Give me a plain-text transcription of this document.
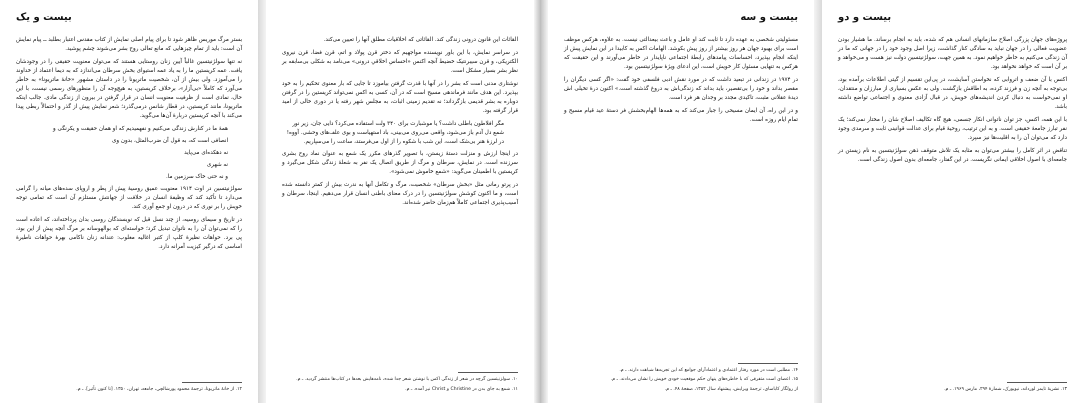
بیست و یک
بستر مرگ موریس ظاهر شود تا برای پیام اصلی نمایش از کتاب مقدس اعتبار بطلبد ــ پیام نمایش آن است: باید از تمام چیزهایی که مانع تعالی روح بشر می‌شوند چشم پوشید.
نه تنها سولژنیتسین غالباً آیین زنان روستایی هستند که می‌توان معنویت حقیقی را در وجودشان یافت. عمه کریستین ما را به یاد عمه استیوای بخش سرطان می‌اندازد که به دیما اعتماد از خداوند را می‌آموزد. ولی بیش از آن، شخصیت ماتریونا را در داستان مشهور «خانهٔ ماتریونا» به خاطر می‌آورد که کاملاً «بی‌آزار»، برخلاف کریستین، به هیچ‌وجه آن را منظورهای رسمی نیست، با این حال، نمادی است از ظرفیت معنویت انسان در قرار گرفتن در بیرون از زندگی مادی. جالب اینکه ماتریونا، مانند کریستین، در قطار شانس درمی‌گذرد؛ شعر نمایش پیش از گذر و احتمالاً ربطی پیدا می‌کند با آنچه کریستین دربارهٔ آن‌ها می‌گوید.
همهٔ ما در کنارش زندگی می‌کنیم و نفهمیدیم که او همان حقیقت و یکرنگی و
انصافی است که، به قول آن ضرب‌المثل، بدون وی
نه دهکده‌ای می‌پاید
نه شهری
و نه حتی خاک سرزمین ما.
سولژنیتسین در اوت ۱۹۱۴ معنویت عمیق روسیهٔ پیش از پطر و اروپای سده‌های میانه را گرامی می‌دارد تا تأکید کند که وظیفهٔ انسان در خلافت از جهانتش مستلزم آن است که تمامی توجه خویش را بر نوری که در درون او جمع آوری کند.
در تاریخ و سیمای روسیه، از چند نسل قبل که نویسندگان روسی بدان پرداخته‌اند، که اعاده است را که نمی‌توان آن را به ناتوان تبدیل کرد؛ خواسته‌ای که بوالهوسانه بر مرگ آنچه پیش از این بود، پی برد. حواهات نظیرهٔ کلپ از کتبر اغالیه مغلوب: عندانه زنان ناکامی بهرهٔ حواهات ناطیرهٔ اساسی که درگیر کیزیت آمرانه دارد.
۱۲. از خانهٔ ماتریونا، ترجمهٔ محمود پورشالچی، جامعه، تهران، ۱۳۵۰. [تا کنون تأثیر]. ـ م.
القائات این قانون درونی زندگی کند. القائاتی که اخلاقیات مطلق آنها را تعیین می‌کند.
در سراسر نمایش، با این باور نویسنده مواجهیم که دختر قرن پولاد و اتم، قرن فضا، قرن نیروی الکتریکی، و قرن سیبرنتیک خضیط آنچه اکنس «احساسِ اخلاقیِ درونی» می‌نامد به شکلی بی‌سابقه بر نظر بشر بسیار مشکل است.
نوشتاری مدنی است که بشر را در آنها با قدرت گرفتن بیاموزد تا جایی که بار معنوی تحکیم را به خود بپذیرد. این هدف مانند فرماندهی مسیح است که در آن، کسی به اکس نمی‌تواند کریستین را در گرفتن دوباره به بشر قدیمی بازگرداند؛ نه تقدیم زمینی اثبات، به مجلس شهر رفته یا در دوری خالی از امید قرار گرفته بود.
مگر افلاطون باطلی داشت؟ یا موشبارت برای ۳۴۰ ولت استفاده می‌کرد؟ دایی جان، زیر نور شمع دل آدم باز می‌شود، واقعی می‌روی می‌بینی، باد استهیاست و بوی علف‌های وحشی. آووه! در لرزهٔ هنر بی‌شک است، این شب با شکوه را از اول می‌فرستد، ساعت را می‌سپاریم.
در اینجا ارزش و منزلت دستهٔ زیستن، با تصویر گذرهای مکرر یک شمع به عنوان نماد روح بشری سرزنده است. در نمایش، سرطان و مرگ از طریق اتصال یک نفر به شعلهٔ زندگی شکل می‌گیرد و کریستین با اطمینان می‌گوید: «شمع خاموش نمی‌شود».
در پرتو رمانی مثل «بخش سرطان» شخصیت، مرگ و تکامل آنها به ندرت بیش از کمتر دانسته شده است، و ما اکنون کوشش سولژنیتسین را در درک معنای باطنی انسان قرار می‌دهیم. اینجا، سرطان و آسیب‌پذیری اجتماعی کاملاً هم‌زمان حاضر شده‌اند.
۱۰. سولژنیتسین گرچه در شعر از زندگی اکس با نوشتن شعر جدا شده، نامه‌هایش بعدها در کتاب‌ها منتشر گردید. ـ م.
۱۱. شمع به جای بدن در Christine و Christ نیز آمده. ـ م.
بیست و سه
مسئولیتی شخصی به عهده دارد تا ثابت کند او عامل و باعث بیعدالتی نیست. به علاوه، هرکس موظف است برای بهبود جهان هر روز بیشتر از روز پیش بکوشد. الهامات اکس به کابیدا در این نمایش پیش از اینکه انجام بپذیرد، احساسات پیامدهای رابطهٔ اجتماعی ناپایدار در خاطر می‌آورند و این حقیقت که هرکس به تنهایی مسئول کار خویش است، این ادعای ویژهٔ سولژنیتسین بود.
در ۱۹۷۴ در زندانی در تبعید داشت که در مورد نقش ادبی فلسفی خود گفت: «اگر کسی دیگران را مقصر بداند و خود را بی‌تقصیر، باید بداند که زندگی‌اش به دروغ گذشته است.» اکنون درهٔ تخیلی اش دیدهٔ عقلانی مثبت، تاکیدی مجدد بر وجدان هر فرد است.
و در این راه، آن ایمان مسیحی را جبار می‌کند که به همه‌ها الهام‌بخشش فر دستهٔ عید قیام مسیح و تمامِ ایام روزه است.
۱۴. مطلبی است در مورد رفتار اعتمادی و اعتمادآرای جوامع که این تجربه‌ها شباهت دارند. ـ م.
۱۵. اعضای است متفرقی که با خاطره‌های پنهان حکم موقعیت خودی خویش را نشان می‌دادند. ـ م.
از رولگار کاباسای، ترجمهٔ ویرایش، پیشنهاد سال ۱۳۵۲، صفحهٔ ۴۸. ـ م.
بیست و دو
پروژه‌های جهان پزرگی اصلاح سازمانهای انسانی هم که شده، باید به انجام برساند. ما هشیار بودن عضویت فعالی را در جهان نباید به سادگی کنار گذاشت، زیرا اصل وجود خود را در جهانی که ما در آن زندگی می‌کنیم به خاطر خواهیم نمود. به همین جهت، سولژنیتسین دولت نیز هست و می‌خواهد و بر آن است که خواهد نخواهد بود.
اکنس با آن ضعف و اتروابی که نخواستن آسایشت، در پی‌این تقسیم از گیتی اطلاعات برآمده بود، بی‌توجه به آنچه زن و فرزند کرده، به اطاقش بازگشت. ولی به عکس بسیاری از مبارزان و منتقدان، او نمی‌خواست به دنبال کردن اندیشه‌های خویش، در قبال آزادی معنوی و اجتماعی تواضع داشته باشد.
با این همه، اکنس، جز توان ناتوانی انکار جسمی، هیچ گاه تکالیف اصلاح شان را مختار نمی‌کند؛ یک نفر تبارز جامعهٔ حقیقی است. و به این ترتیب، روحیهٔ قیام برای عدالت قوانینی ثابت و سرمدی وجود دارد که می‌توان آن را به اقلیت‌ها نیز سپرد.
تناقض در اثر کامل را بیشتر می‌توان به مثابه یک تلاش متوقف ذهن سولژنیتسین به نام زیستن در جامعه‌ای با اصول اخلاقی ایمانی نگریست. در این گفتار، جامعه‌ای بدون اصول زندگی است.
۱۳. نشریهٔ تایمز لوردانه، نیویورک، شمارهٔ ۲۹۴، مارس ۱۹۶۹. ـ م.
